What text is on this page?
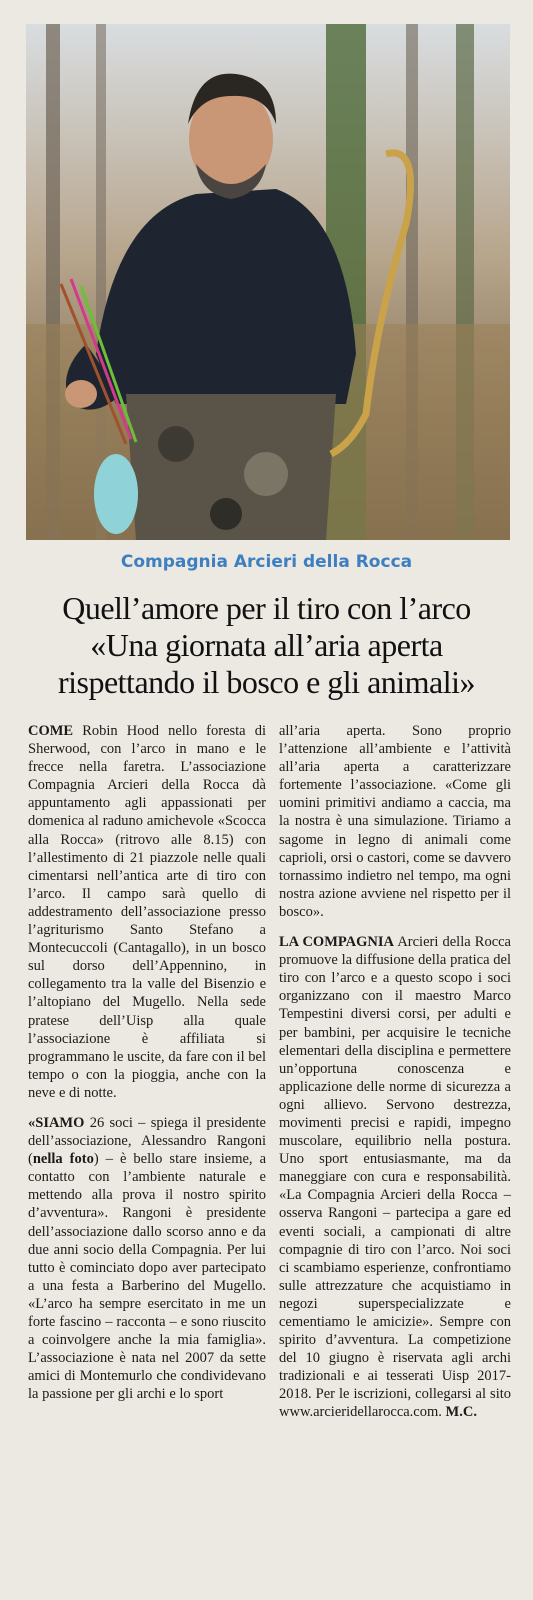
Compagnia Arcieri della Rocca
Quell’amore per il tiro con l’arco
«Una giornata all’aria aperta
rispettando il bosco e gli animali»

COME Robin Hood nello foresta di Sherwood, con l’arco in mano e le frecce nella faretra. L’associazione Compagnia Arcieri della Rocca dà appuntamento agli appassionati per domenica al raduno amichevole «Scocca alla Rocca» (ritrovo alle 8.15) con l’allestimento di 21 piazzole nelle quali cimentarsi nell’antica arte di tiro con l’arco. Il campo sarà quello di addestramento dell’associazione presso l’agriturismo Santo Stefano a Montecuccoli (Cantagallo), in un bosco sul dorso dell’Appennino, in collegamento tra la valle del Bisenzio e l’altopiano del Mugello. Nella sede pratese dell’Uisp alla quale l’associazione è affiliata si programmano le uscite, da fare con il bel tempo o con la pioggia, anche con la neve e di notte.

«SIAMO 26 soci – spiega il presidente dell’associazione, Alessandro Rangoni (nella foto) – è bello stare insieme, a contatto con l’ambiente naturale e mettendo alla prova il nostro spirito d’avventura». Rangoni è presidente dell’associazione dallo scorso anno e da due anni socio della Compagnia. Per lui tutto è cominciato dopo aver partecipato a una festa a Barberino del Mugello. «L’arco ha sempre esercitato in me un forte fascino – racconta – e sono riuscito a coinvolgere anche la mia famiglia». L’associazione è nata nel 2007 da sette amici di Montemurlo che condividevano la passione per gli archi e lo sport

all’aria aperta. Sono proprio l’attenzione all’ambiente e l’attività all’aria aperta a caratterizzare fortemente l’associazione. «Come gli uomini primitivi andiamo a caccia, ma la nostra è una simulazione. Tiriamo a sagome in legno di animali come caprioli, orsi o castori, come se davvero tornassimo indietro nel tempo, ma ogni nostra azione avviene nel rispetto per il bosco».

LA COMPAGNIA Arcieri della Rocca promuove la diffusione della pratica del tiro con l’arco e a questo scopo i soci organizzano con il maestro Marco Tempestini diversi corsi, per adulti e per bambini, per acquisire le tecniche elementari della disciplina e permettere un’opportuna conoscenza e applicazione delle norme di sicurezza a ogni allievo. Servono destrezza, movimenti precisi e rapidi, impegno muscolare, equilibrio nella postura. Uno sport entusiasmante, ma da maneggiare con cura e responsabilità. «La Compagnia Arcieri della Rocca – osserva Rangoni – partecipa a gare ed eventi sociali, a campionati di altre compagnie di tiro con l’arco. Noi soci ci scambiamo esperienze, confrontiamo sulle attrezzature che acquistiamo in negozi superspecializzate e cementiamo le amicizie». Sempre con spirito d’avventura. La competizione del 10 giugno è riservata agli archi tradizionali e ai tesserati Uisp 2017-2018. Per le iscrizioni, collegarsi al sito www.arcieridellarocca.com. M.C.
